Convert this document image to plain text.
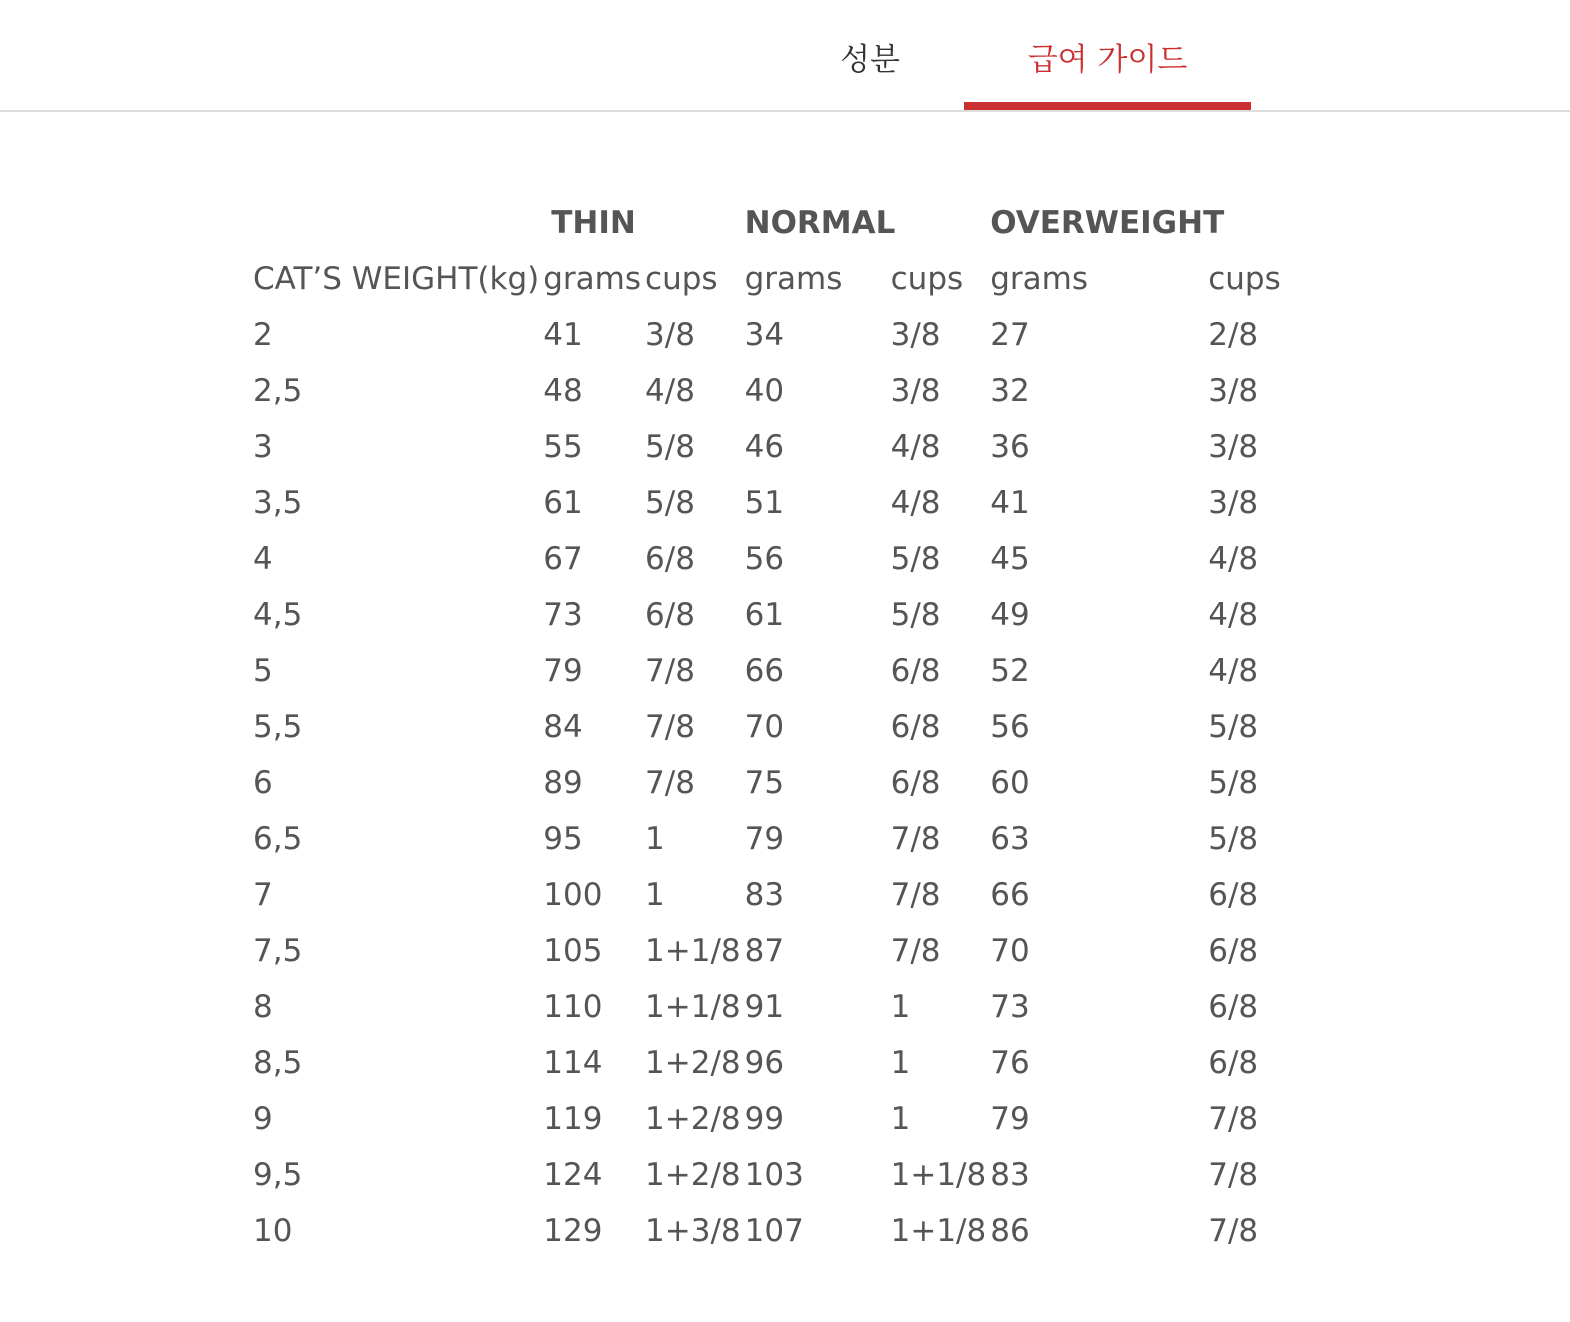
성분	급여 가이드
	THIN		NORMAL		OVERWEIGHT	
CAT’S WEIGHT(kg)	grams	cups	grams	cups	grams	cups
2	41	3/8	34	3/8	27	2/8
2,5	48	4/8	40	3/8	32	3/8
3	55	5/8	46	4/8	36	3/8
3,5	61	5/8	51	4/8	41	3/8
4	67	6/8	56	5/8	45	4/8
4,5	73	6/8	61	5/8	49	4/8
5	79	7/8	66	6/8	52	4/8
5,5	84	7/8	70	6/8	56	5/8
6	89	7/8	75	6/8	60	5/8
6,5	95	1	79	7/8	63	5/8
7	100	1	83	7/8	66	6/8
7,5	105	1+1/8	87	7/8	70	6/8
8	110	1+1/8	91	1	73	6/8
8,5	114	1+2/8	96	1	76	6/8
9	119	1+2/8	99	1	79	7/8
9,5	124	1+2/8	103	1+1/8	83	7/8
10	129	1+3/8	107	1+1/8	86	7/8
